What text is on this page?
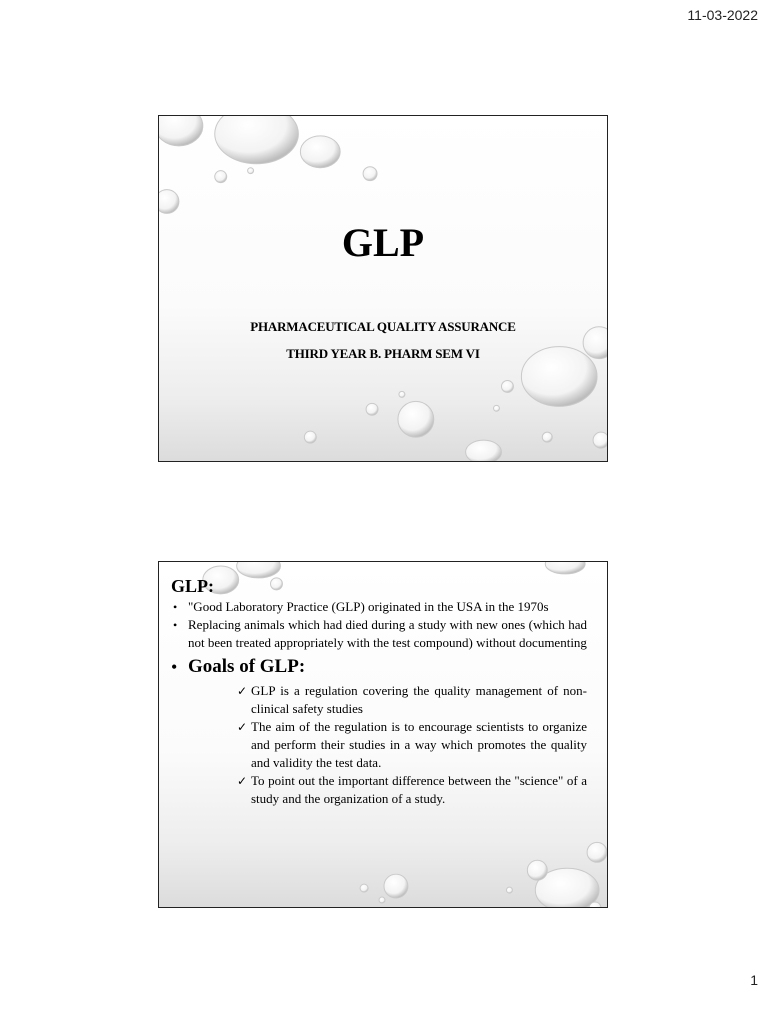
11-03-2022
GLP
PHARMACEUTICAL QUALITY ASSURANCE
THIRD YEAR B. PHARM SEM VI
GLP:
• "Good Laboratory Practice (GLP) originated in the USA in the 1970s
• Replacing animals which had died during a study with new ones (which had not been treated appropriately with the test compound) without documenting
• Goals of GLP:
✓ GLP is a regulation covering the quality management of non-clinical safety studies
✓ The aim of the regulation is to encourage scientists to organize and perform their studies in a way which promotes the quality and validity the test data.
✓ To point out the important difference between the "science" of a study and the organization of a study.
1
